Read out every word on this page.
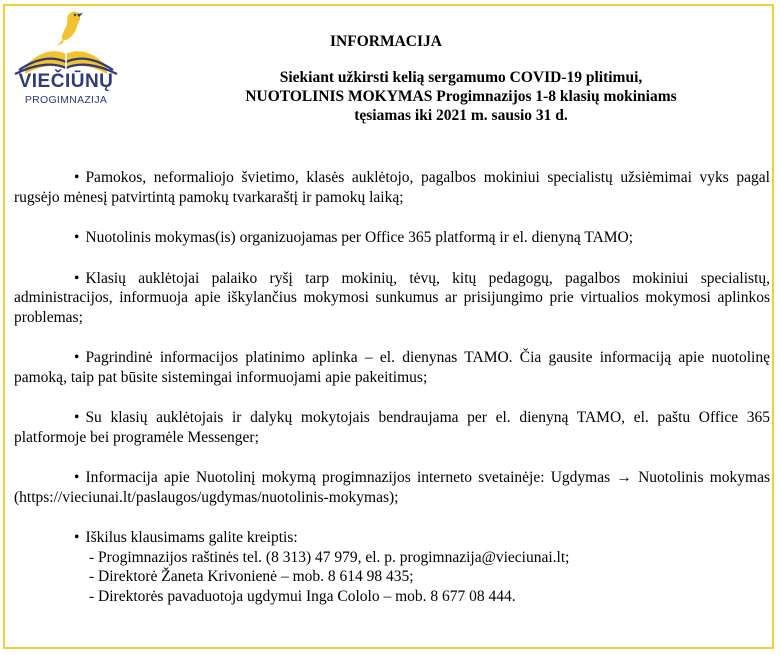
VIEČIŪNŲ
PROGIMNAZIJA
INFORMACIJA
Siekiant užkirsti kelią sergamumo COVID-19 plitimui,
NUOTOLINIS MOKYMAS Progimnazijos 1-8 klasių mokiniams
tęsiamas iki 2021 m. sausio 31 d.

• Pamokos, neformaliojo švietimo, klasės auklėtojo, pagalbos mokiniui specialistų užsiėmimai vyks pagal rugsėjo mėnesį patvirtintą pamokų tvarkaraštį ir pamokų laiką;

• Nuotolinis mokymas(is) organizuojamas per Office 365 platformą ir el. dienyną TAMO;

• Klasių auklėtojai palaiko ryšį tarp mokinių, tėvų, kitų pedagogų, pagalbos mokiniui specialistų, administracijos, informuoja apie iškylančius mokymosi sunkumus ar prisijungimo prie virtualios mokymosi aplinkos problemas;

• Pagrindinė informacijos platinimo aplinka – el. dienynas TAMO. Čia gausite informaciją apie nuotolinę pamoką, taip pat būsite sistemingai informuojami apie pakeitimus;

• Su klasių auklėtojais ir dalykų mokytojais bendraujama per el. dienyną TAMO, el. paštu Office 365 platformoje bei programėle Messenger;

• Informacija apie Nuotolinį mokymą progimnazijos interneto svetainėje: Ugdymas → Nuotolinis mokymas (https://vieciunai.lt/paslaugos/ugdymas/nuotolinis-mokymas);

• Iškilus klausimams galite kreiptis:

- Progimnazijos raštinės tel. (8 313) 47 979, el. p. progimnazija@vieciunai.lt;
- Direktorė Žaneta Krivonienė – mob. 8 614 98 435;
- Direktorės pavaduotoja ugdymui Inga Cololo – mob. 8 677 08 444.
